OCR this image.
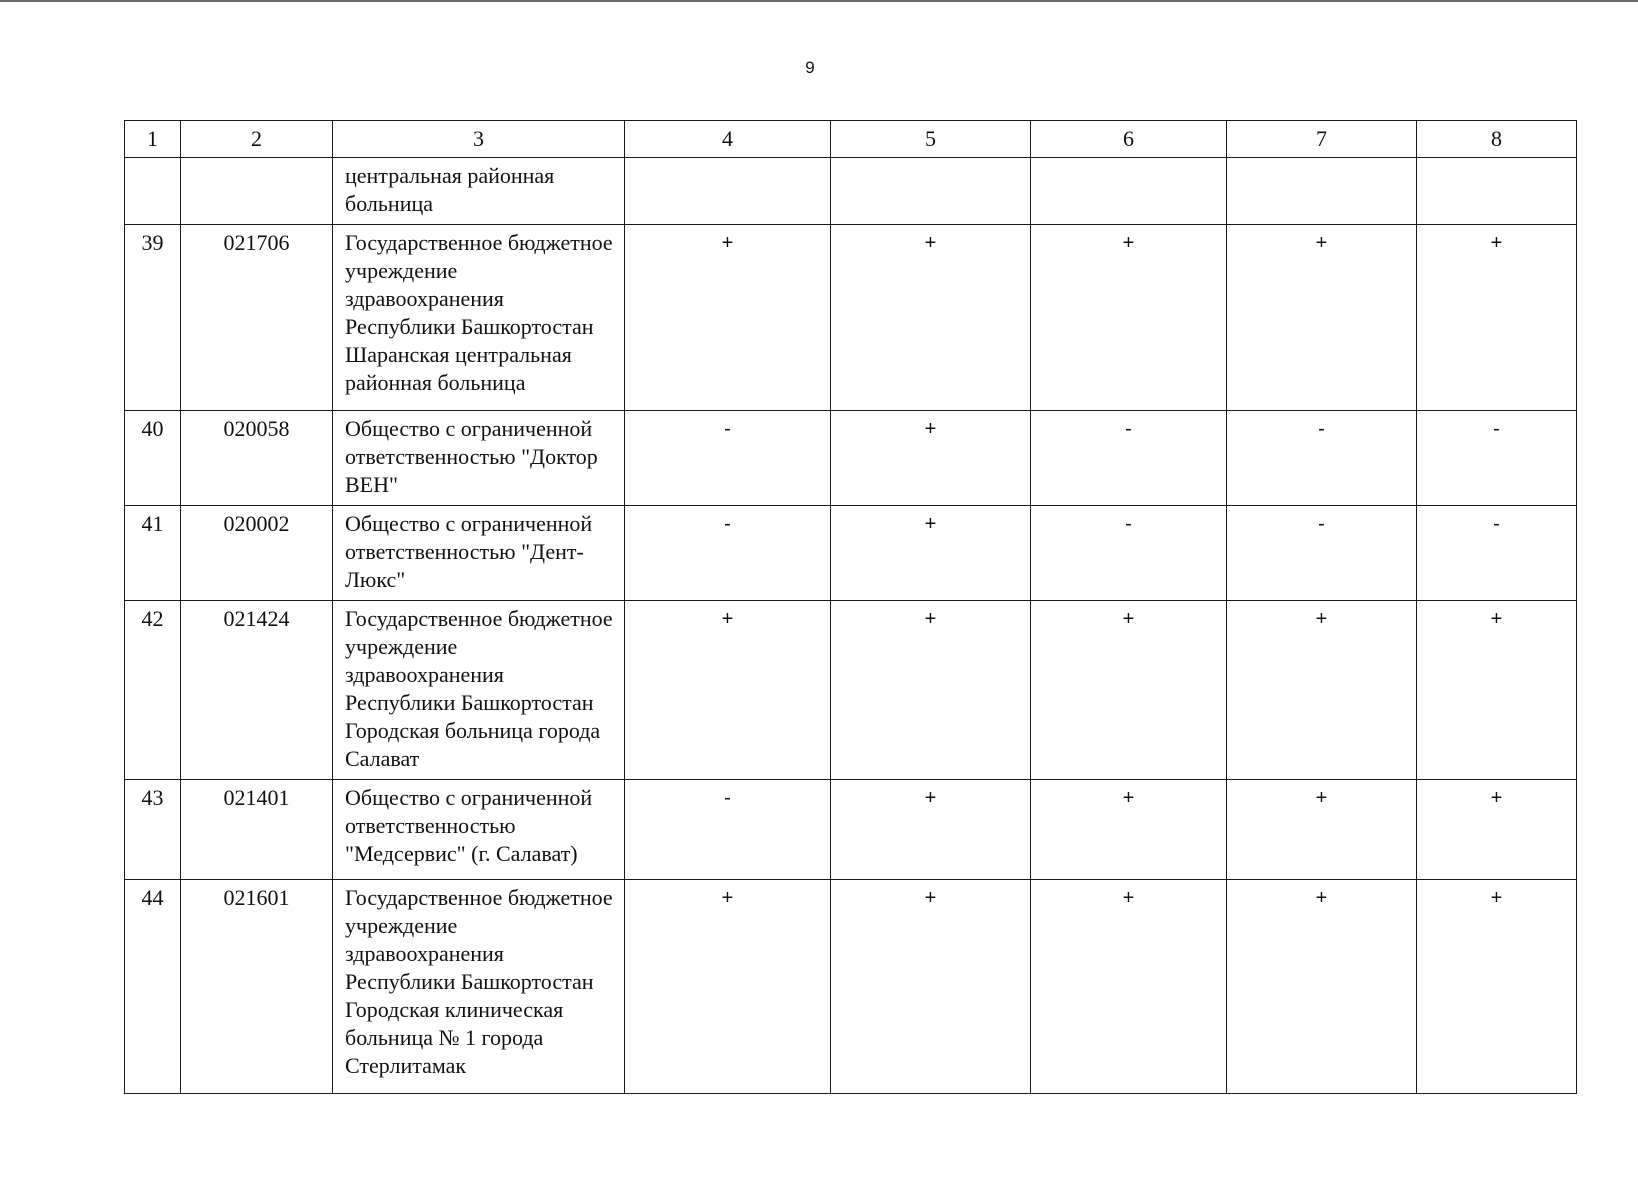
9
1	2	3	4	5	6	7	8
		центральная районная больница					
39	021706	Государственное бюджетное учреждение здравоохранения Республики Башкортостан Шаранская центральная районная больница	+	+	+	+	+
40	020058	Общество с ограниченной ответственностью "Доктор ВЕН"	-	+	-	-	-
41	020002	Общество с ограниченной ответственностью "Дент-Люкс"	-	+	-	-	-
42	021424	Государственное бюджетное учреждение здравоохранения Республики Башкортостан Городская больница города Салават	+	+	+	+	+
43	021401	Общество с ограниченной ответственностью "Медсервис" (г. Салават)	-	+	+	+	+
44	021601	Государственное бюджетное учреждение здравоохранения Республики Башкортостан Городская клиническая больница № 1 города Стерлитамак	+	+	+	+	+
